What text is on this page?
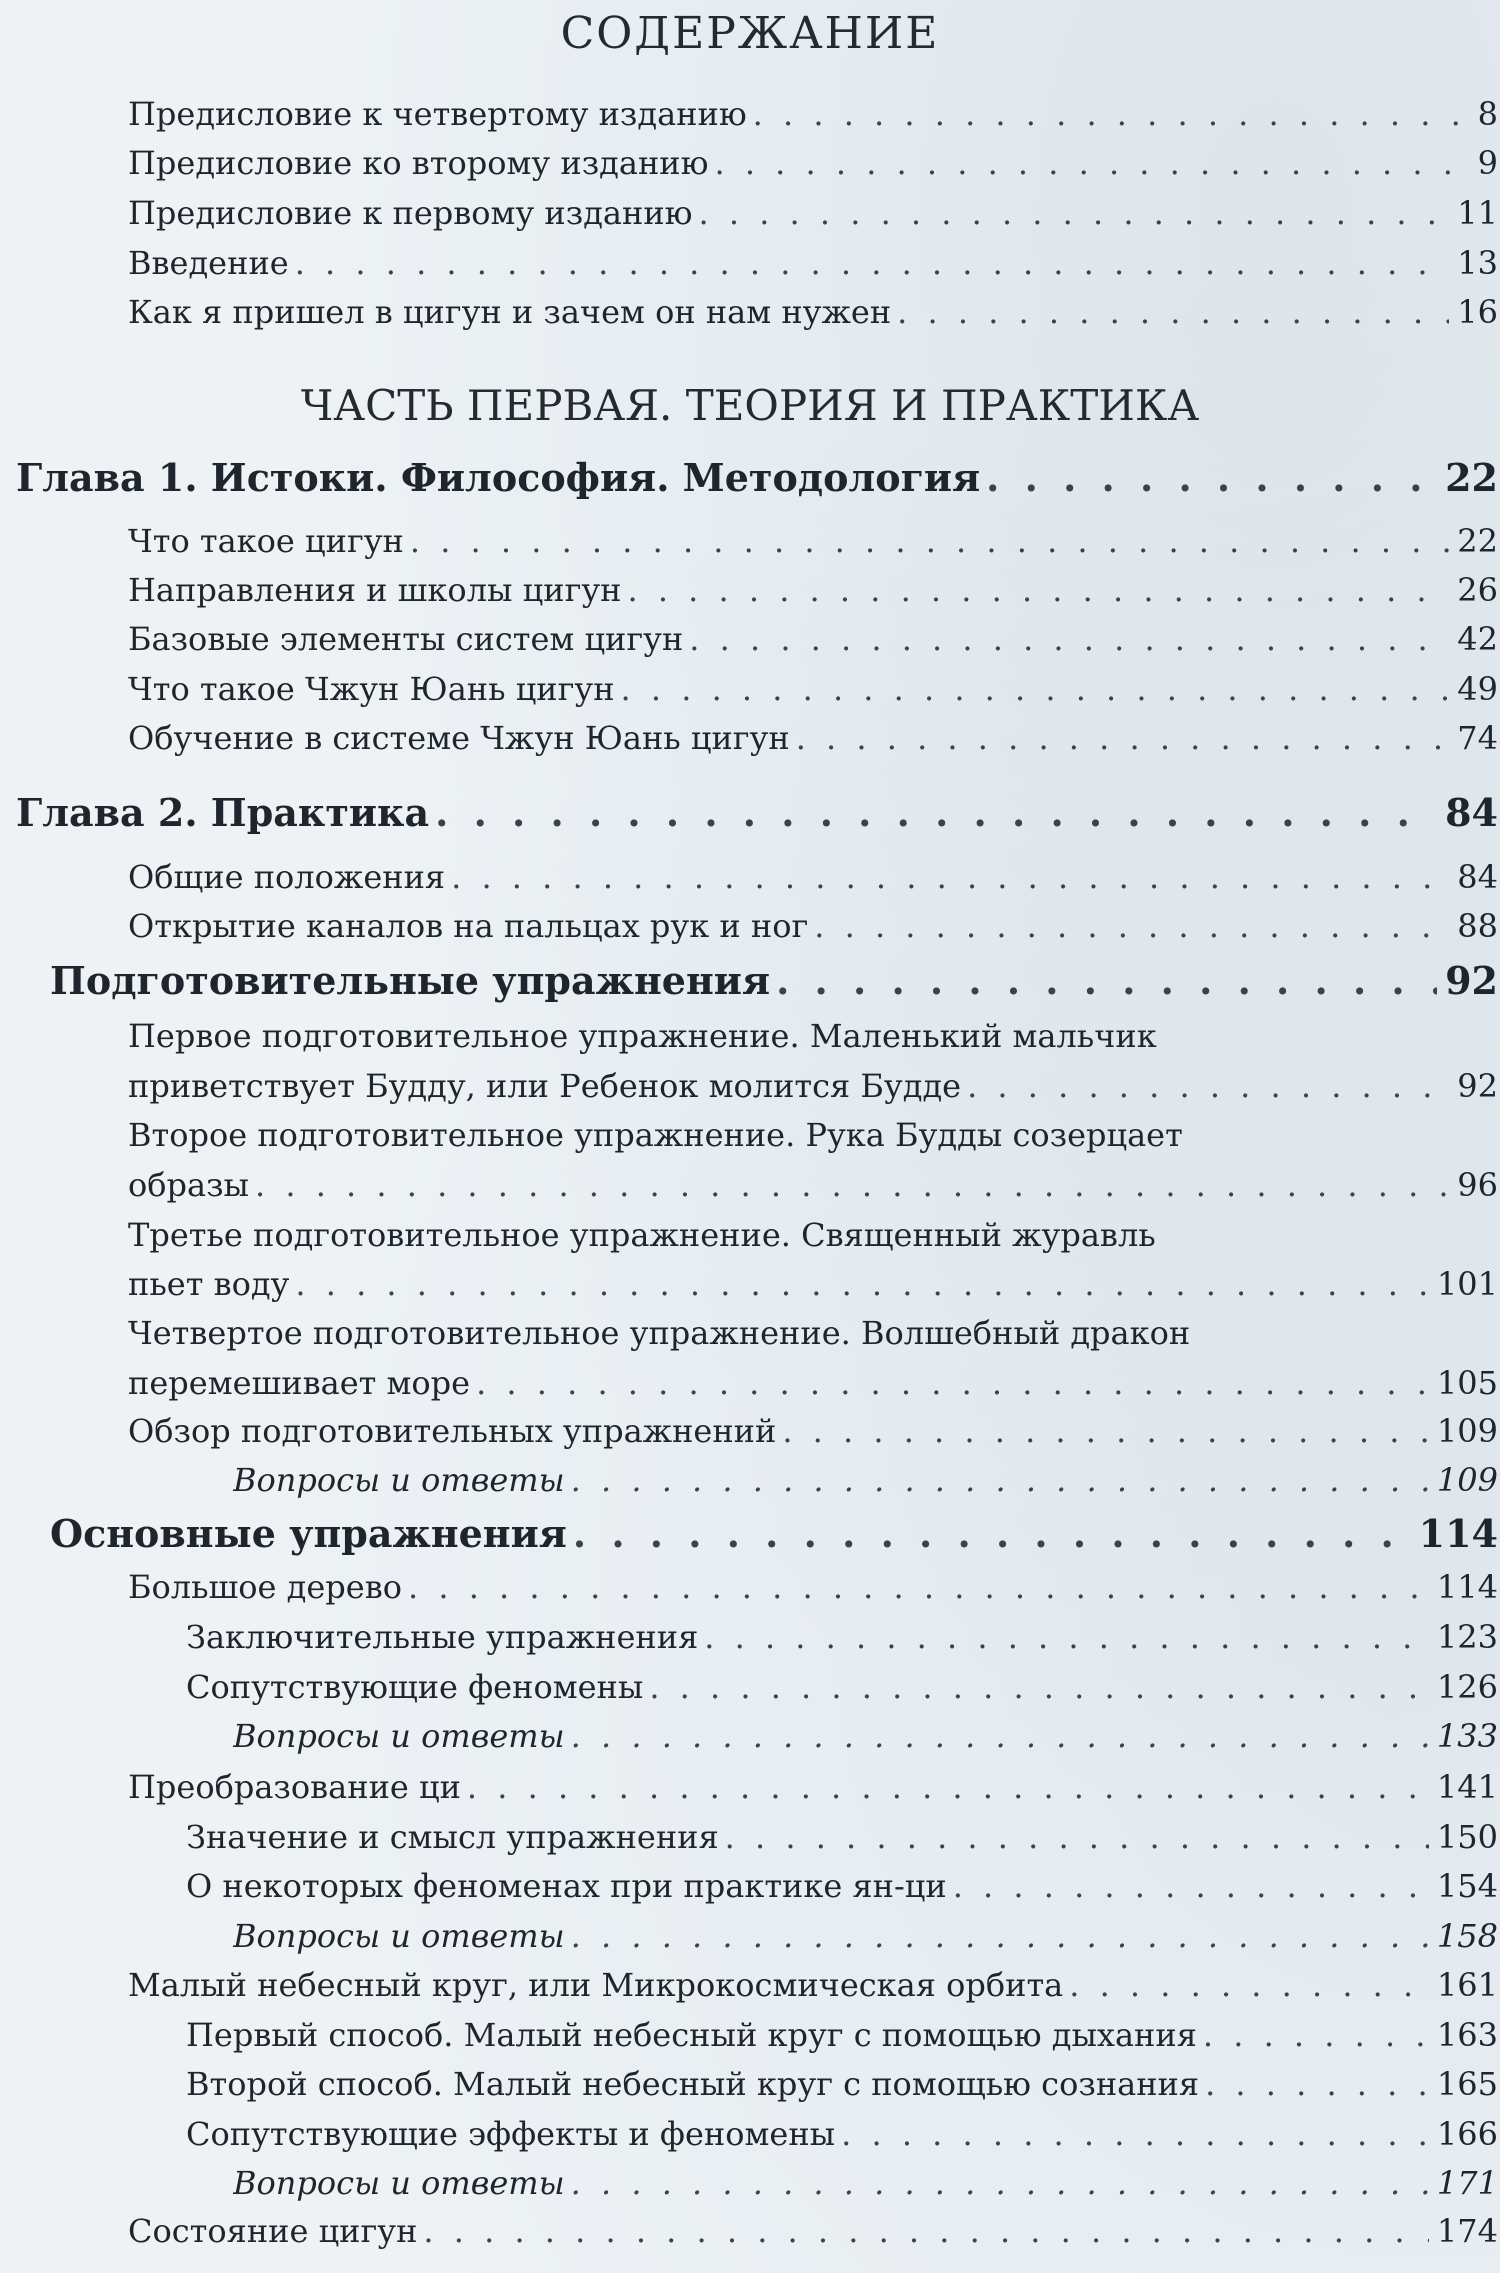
СОДЕРЖАНИЕ
Предисловие к четвертому изданию . . .	8
Предисловие ко второму изданию . . .	9
Предисловие к первому изданию . . .	11
Введение . . .	13
Как я пришел в цигун и зачем он нам нужен . . .	16
ЧАСТЬ ПЕРВАЯ. ТЕОРИЯ И ПРАКТИКА
Глава 1. Истоки. Философия. Методология . . .	22
Что такое цигун . . .	22
Направления и школы цигун . . .	26
Базовые элементы систем цигун . . .	42
Что такое Чжун Юань цигун . . .	49
Обучение в системе Чжун Юань цигун . . .	74
Глава 2. Практика . . .	84
Общие положения . . .	84
Открытие каналов на пальцах рук и ног . . .	88
Подготовительные упражнения . . .	92
Первое подготовительное упражнение. Маленький мальчик
приветствует Будду, или Ребенок молится Будде . . .	92
Второе подготовительное упражнение. Рука Будды созерцает
образы . . .	96
Третье подготовительное упражнение. Священный журавль
пьет воду . . .	101
Четвертое подготовительное упражнение. Волшебный дракон
перемешивает море . . .	105
Обзор подготовительных упражнений . . .	109
Вопросы и ответы . . .	109
Основные упражнения . . .	114
Большое дерево . . .	114
Заключительные упражнения . . .	123
Сопутствующие феномены . . .	126
Вопросы и ответы . . .	133
Преобразование ци . . .	141
Значение и смысл упражнения . . .	150
О некоторых феноменах при практике ян-ци . . .	154
Вопросы и ответы . . .	158
Малый небесный круг, или Микрокосмическая орбита . . .	161
Первый способ. Малый небесный круг с помощью дыхания . . .	163
Второй способ. Малый небесный круг с помощью сознания . . .	165
Сопутствующие эффекты и феномены . . .	166
Вопросы и ответы . . .	171
Состояние цигун . . .	174
